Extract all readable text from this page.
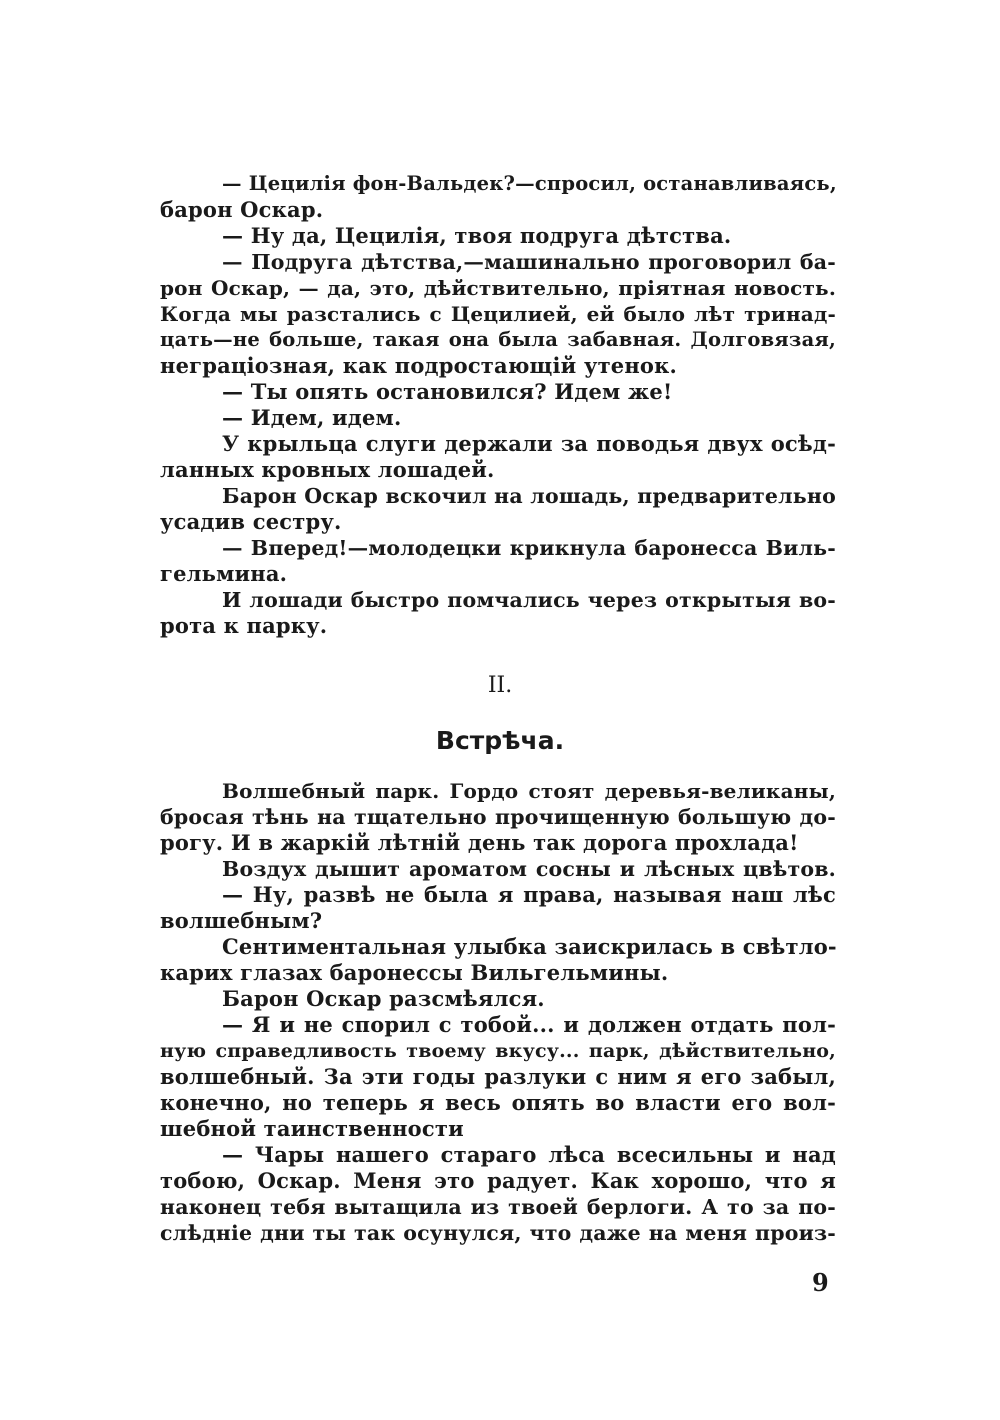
— Цецилія фон-Вальдек?—спросил, останавливаясь,
барон Оскар.
— Ну да, Цецилія, твоя подруга дѣтства.
— Подруга дѣтства,—машинально проговорил ба-
рон Оскар, — да, это, дѣйствительно, пріятная новость.
Когда мы разстались с Цецилией, ей было лѣт тринад-
цать—не больше, такая она была забавная. Долговязая,
неграціозная, как подростающій утенок.
— Ты опять остановился? Идем же!
— Идем, идем.
У крыльца слуги держали за поводья двух осѣд-
ланных кровных лошадей.
Барон Оскар вскочил на лошадь, предварительно
усадив сестру.
— Вперед!—молодецки крикнула баронесса Виль-
гельмина.
И лошади быстро помчались через открытыя во-
рота к парку.
II.
Встрѣча.
Волшебный парк. Гордо стоят деревья-великаны,
бросая тѣнь на тщательно прочищенную большую до-
рогу. И в жаркій лѣтній день так дорога прохлада!
Воздух дышит ароматом сосны и лѣсных цвѣтов.
— Ну, развѣ не была я права, называя наш лѣс
волшебным?
Сентиментальная улыбка заискрилась в свѣтло-
карих глазах баронессы Вильгельмины.
Барон Оскар разсмѣялся.
— Я и не спорил с тобой... и должен отдать пол-
ную справедливость твоему вкусу... парк, дѣйствительно,
волшебный. За эти годы разлуки с ним я его забыл,
конечно, но теперь я весь опять во власти его вол-
шебной таинственности
— Чары нашего стараго лѣса всесильны и над
тобою, Оскар. Меня это радует. Как хорошо, что я
наконец тебя вытащила из твоей берлоги. А то за по-
слѣдніе дни ты так осунулся, что даже на меня произ-
9
